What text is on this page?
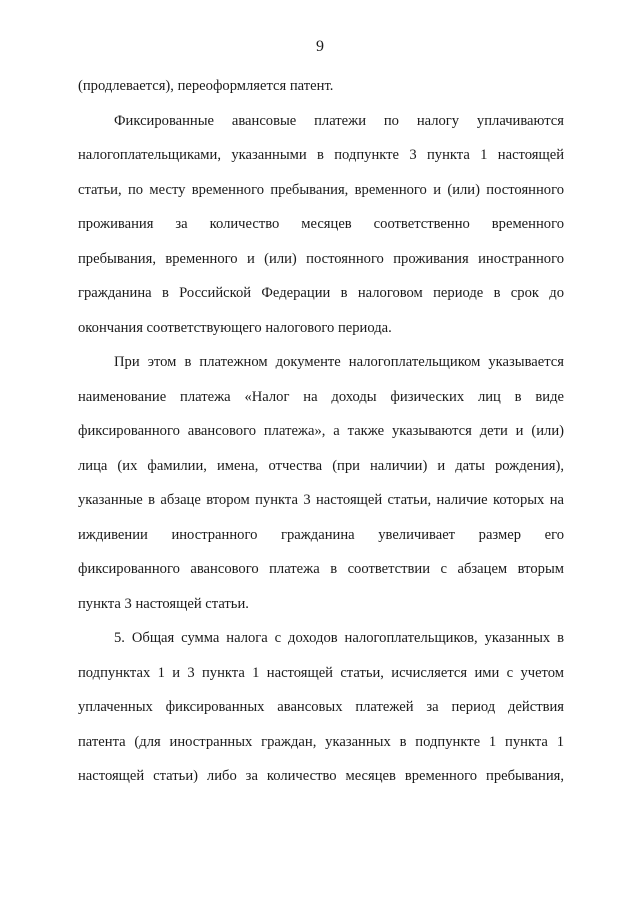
9
(продлевается), переоформляется патент.
Фиксированные авансовые платежи по налогу уплачиваются
налогоплательщиками, указанными в подпункте 3 пункта 1 настоящей
статьи, по месту временного пребывания, временного и (или) постоянного
проживания за количество месяцев соответственно временного
пребывания, временного и (или) постоянного проживания иностранного
гражданина в Российской Федерации в налоговом периоде в срок до
окончания соответствующего налогового периода.
При этом в платежном документе налогоплательщиком указывается
наименование платежа «Налог на доходы физических лиц в виде
фиксированного авансового платежа», а также указываются дети и (или)
лица (их фамилии, имена, отчества (при наличии) и даты рождения),
указанные в абзаце втором пункта 3 настоящей статьи, наличие которых на
иждивении иностранного гражданина увеличивает размер его
фиксированного авансового платежа в соответствии с абзацем вторым
пункта 3 настоящей статьи.
5. Общая сумма налога с доходов налогоплательщиков, указанных в
подпунктах 1 и 3 пункта 1 настоящей статьи, исчисляется ими с учетом
уплаченных фиксированных авансовых платежей за период действия
патента (для иностранных граждан, указанных в подпункте 1 пункта 1
настоящей статьи) либо за количество месяцев временного пребывания,
